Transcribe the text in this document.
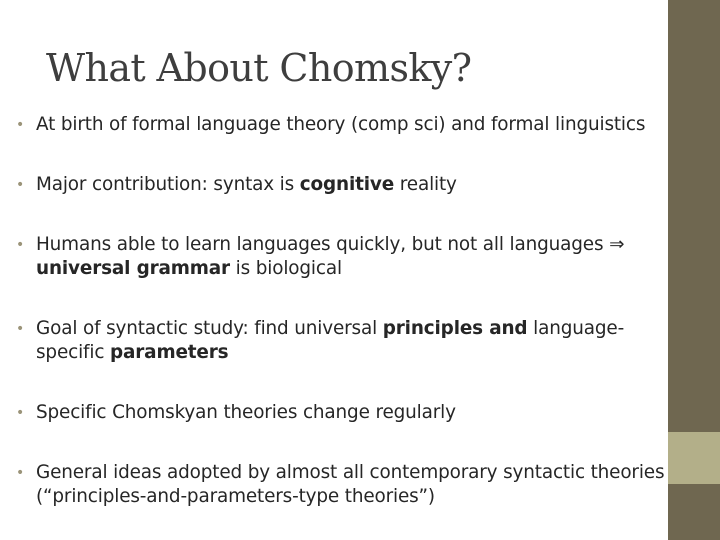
What About Chomsky?
• At birth of formal language theory (comp sci) and formal linguistics
• Major contribution: syntax is cognitive reality
• Humans able to learn languages quickly, but not all languages ⇒
universal grammar is biological
• Goal of syntactic study: find universal principles and language-specific parameters
• Specific Chomskyan theories change regularly
• General ideas adopted by almost all contemporary syntactic theories (“principles-and-parameters-type theories”)
